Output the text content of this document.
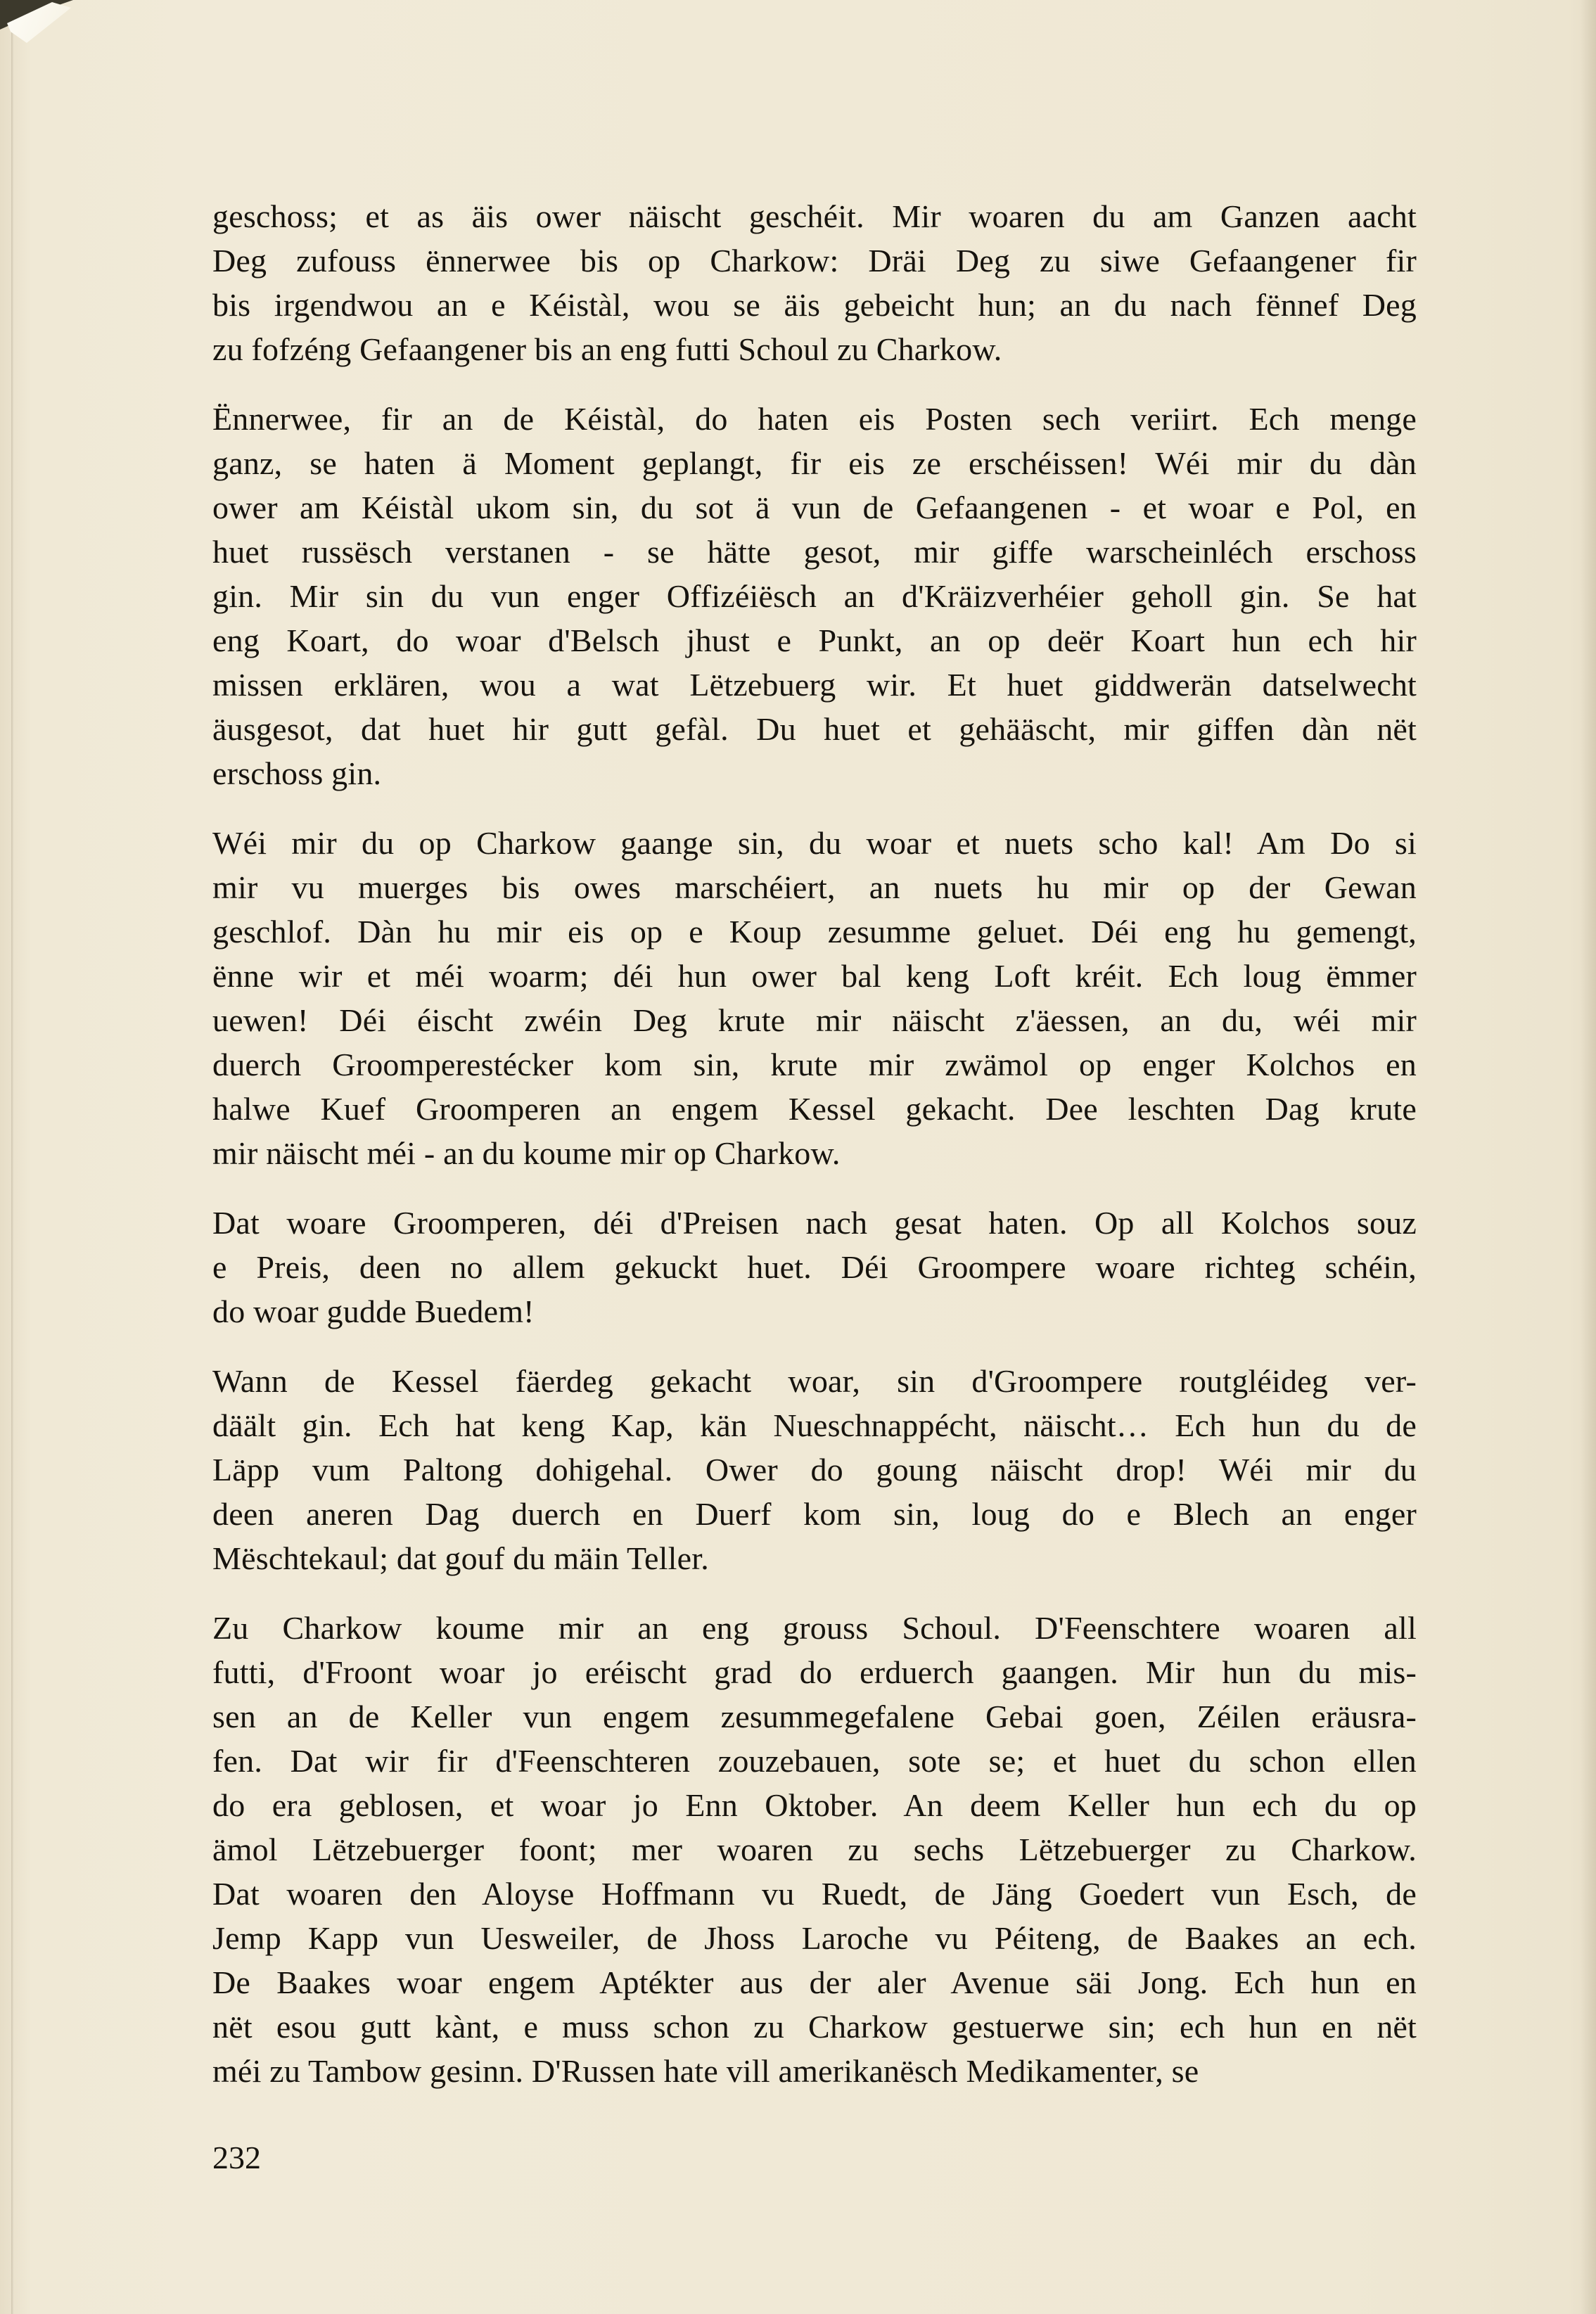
geschoss; et as äis ower näischt geschéit. Mir woaren du am Ganzen aacht
Deg zufouss ënnerwee bis op Charkow: Dräi Deg zu siwe Gefaangener fir
bis irgendwou an e Kéistàl, wou se äis gebeicht hun; an du nach fënnef Deg
zu fofzéng Gefaangener bis an eng futti Schoul zu Charkow.

Ënnerwee, fir an de Kéistàl, do haten eis Posten sech veriirt. Ech menge
ganz, se haten ä Moment geplangt, fir eis ze erschéissen! Wéi mir du dàn
ower am Kéistàl ukom sin, du sot ä vun de Gefaangenen - et woar e Pol, en
huet russësch verstanen - se hätte gesot, mir giffe warscheinléch erschoss
gin. Mir sin du vun enger Offizéiësch an d'Kräizverhéier geholl gin. Se hat
eng Koart, do woar d'Belsch jhust e Punkt, an op deër Koart hun ech hir
missen erklären, wou a wat Lëtzebuerg wir. Et huet giddwerän datselwecht
äusgesot, dat huet hir gutt gefàl. Du huet et gehääscht, mir giffen dàn nët
erschoss gin.

Wéi mir du op Charkow gaange sin, du woar et nuets scho kal! Am Do si
mir vu muerges bis owes marschéiert, an nuets hu mir op der Gewan
geschlof. Dàn hu mir eis op e Koup zesumme geluet. Déi eng hu gemengt,
ënne wir et méi woarm; déi hun ower bal keng Loft kréit. Ech loug ëmmer
uewen! Déi éischt zwéin Deg krute mir näischt z'äessen, an du, wéi mir
duerch Groomperestécker kom sin, krute mir zwämol op enger Kolchos en
halwe Kuef Groomperen an engem Kessel gekacht. Dee leschten Dag krute
mir näischt méi - an du koume mir op Charkow.

Dat woare Groomperen, déi d'Preisen nach gesat haten. Op all Kolchos souz
e Preis, deen no allem gekuckt huet. Déi Groompere woare richteg schéin,
do woar gudde Buedem!

Wann de Kessel fäerdeg gekacht woar, sin d'Groompere routgléideg ver-
däält gin. Ech hat keng Kap, kän Nueschnappécht, näischt… Ech hun du de
Läpp vum Paltong dohigehal. Ower do goung näischt drop! Wéi mir du
deen aneren Dag duerch en Duerf kom sin, loug do e Blech an enger
Mëschtekaul; dat gouf du mäin Teller.

Zu Charkow koume mir an eng grouss Schoul. D'Feenschtere woaren all
futti, d'Froont woar jo eréischt grad do erduerch gaangen. Mir hun du mis-
sen an de Keller vun engem zesummegefalene Gebai goen, Zéilen eräusra-
fen. Dat wir fir d'Feenschteren zouzebauen, sote se; et huet du schon ellen
do era geblosen, et woar jo Enn Oktober. An deem Keller hun ech du op
ämol Lëtzebuerger foont; mer woaren zu sechs Lëtzebuerger zu Charkow.
Dat woaren den Aloyse Hoffmann vu Ruedt, de Jäng Goedert vun Esch, de
Jemp Kapp vun Uesweiler, de Jhoss Laroche vu Péiteng, de Baakes an ech.
De Baakes woar engem Aptékter aus der aler Avenue säi Jong. Ech hun en
nët esou gutt kànt, e muss schon zu Charkow gestuerwe sin; ech hun en nët
méi zu Tambow gesinn. D'Russen hate vill amerikanësch Medikamenter, se

232
